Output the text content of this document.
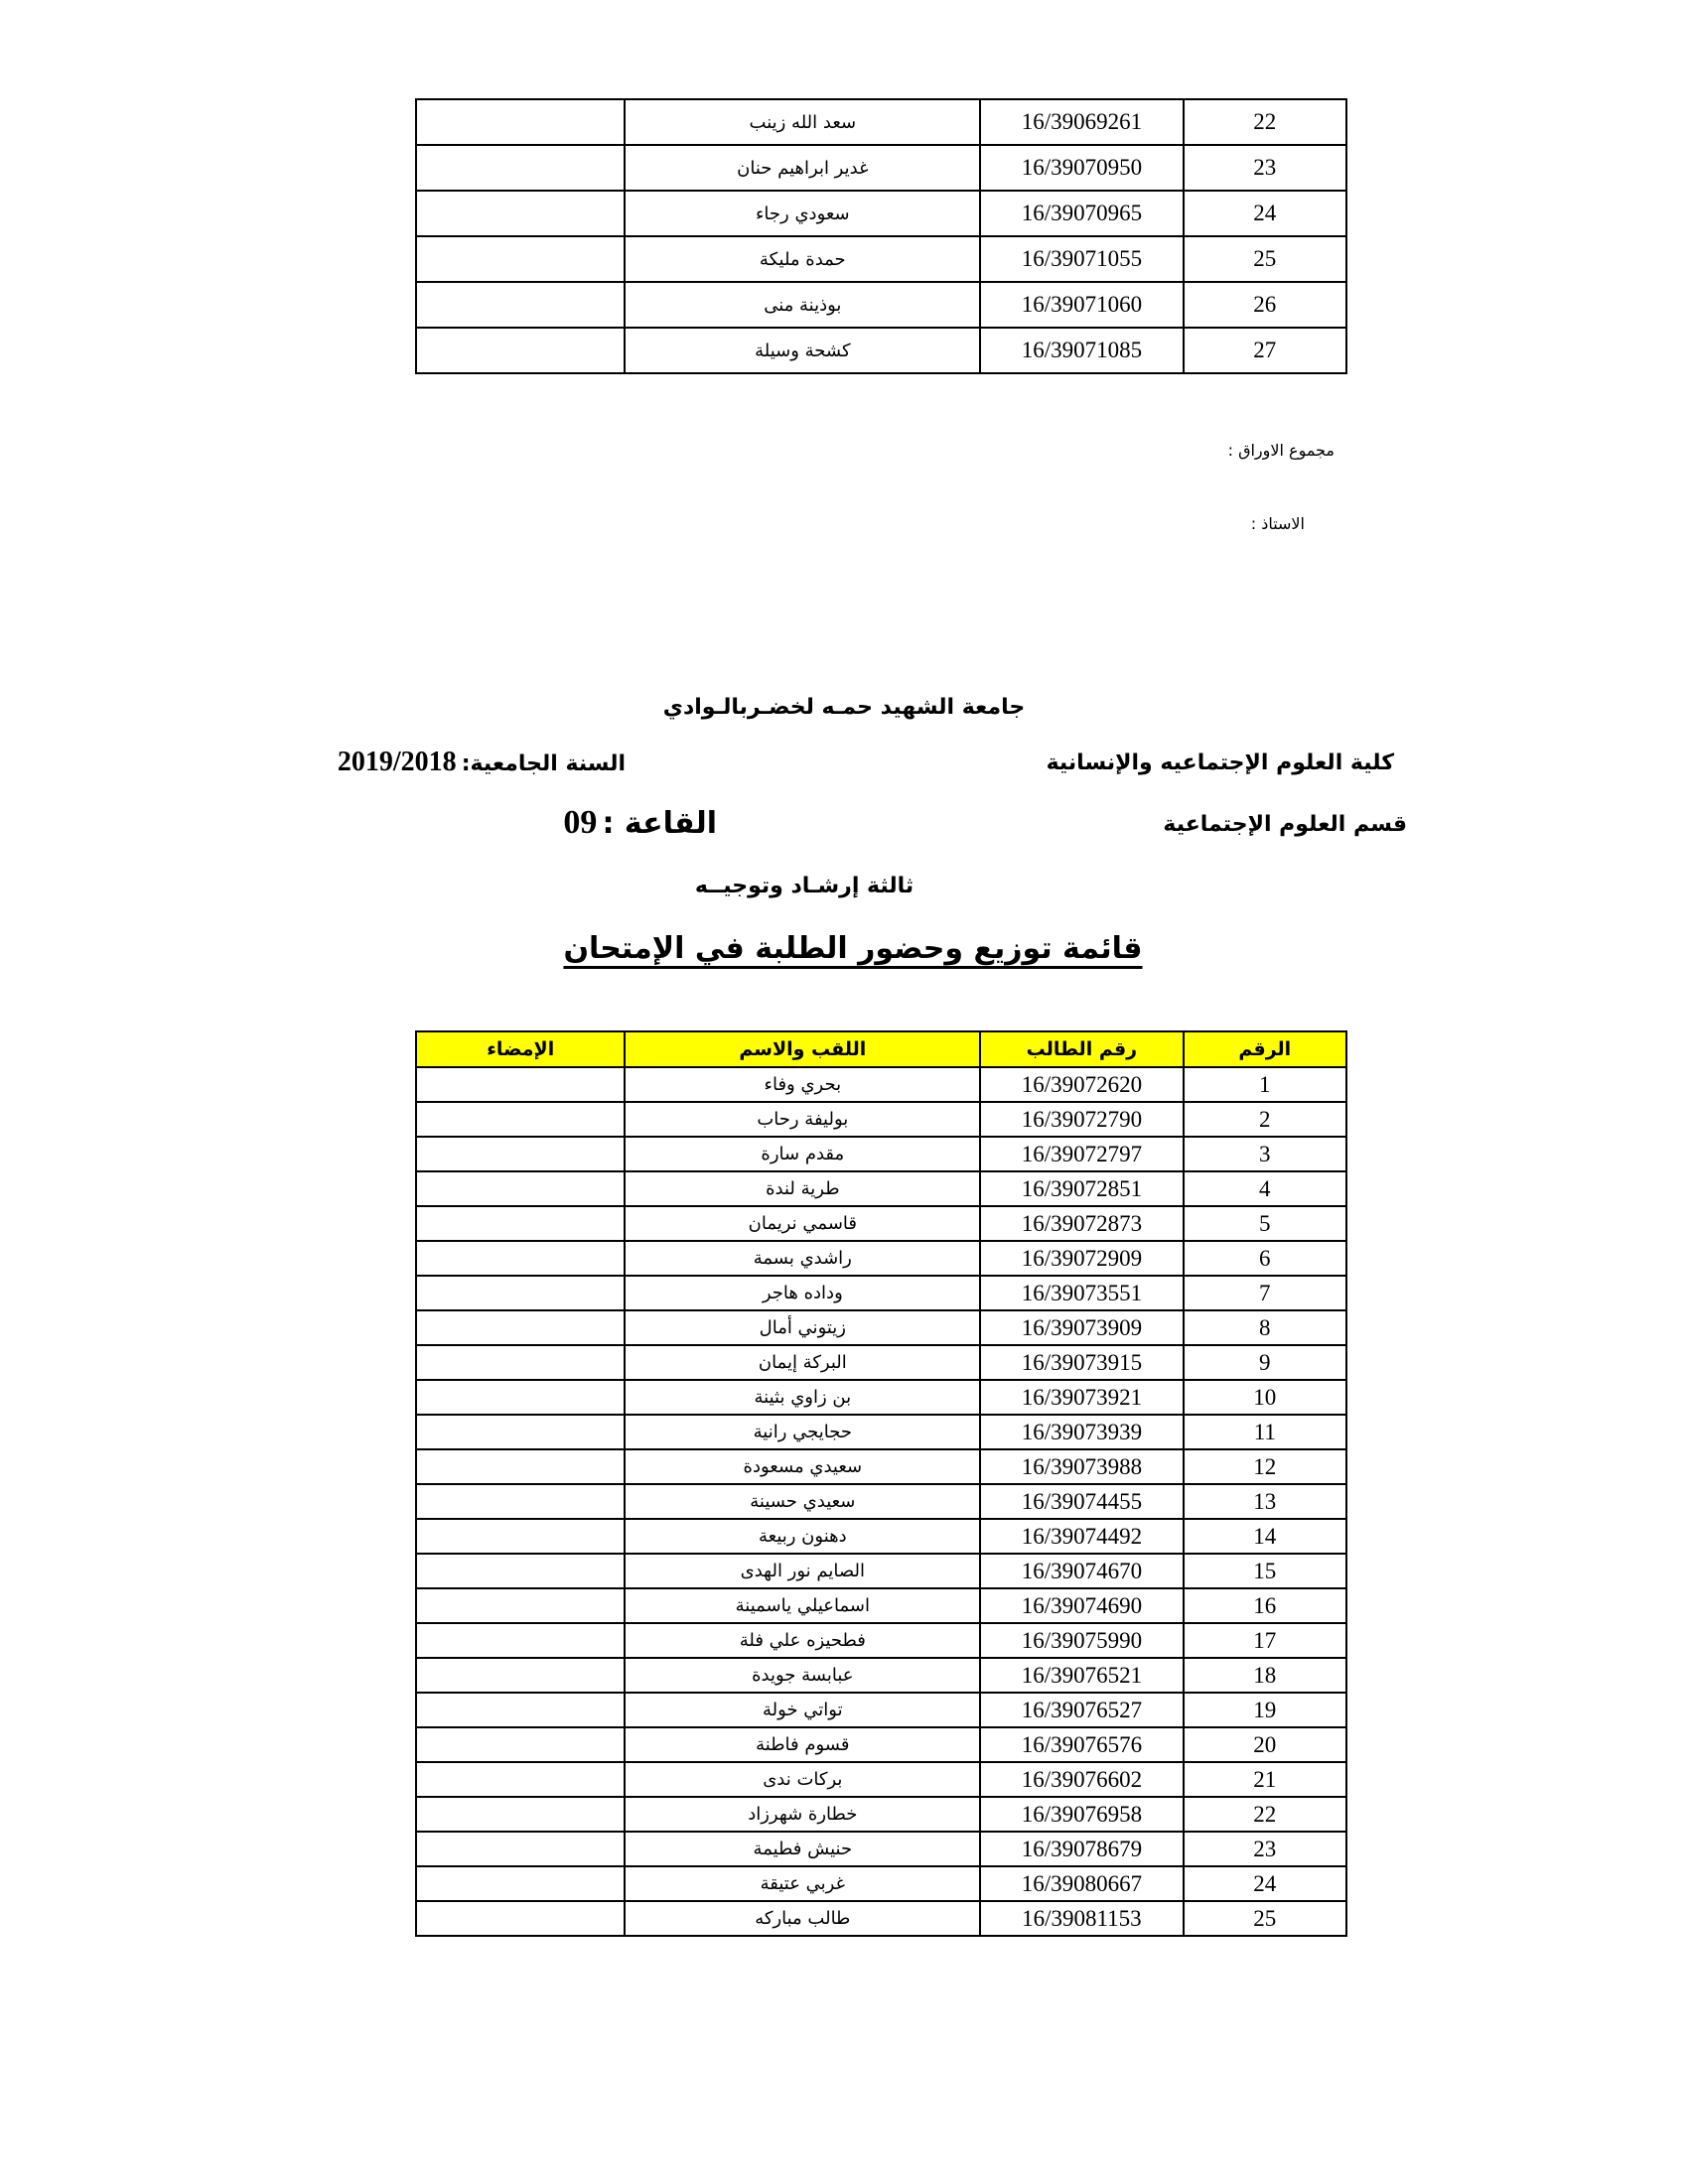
	سعد الله زينب	16/39069261	22
	غدير ابراهيم حنان	16/39070950	23
	سعودي رجاء	16/39070965	24
	حمدة مليكة	16/39071055	25
	بوذينة منى	16/39071060	26
	كشحة وسيلة	16/39071085	27
مجموع الاوراق :
الاستاذ :
جامعة الشهيد حمـه لخضـربالـوادي
كلية العلوم الإجتماعيه والإنسانية
السنة الجامعية: 2019/2018
قسم العلوم الإجتماعية
القاعة : 09
ثالثة إرشـاد وتوجيــه
قائمة توزيع وحضور الطلبة في الإمتحان
الإمضاء	اللقب والاسم	رقم الطالب	الرقم
	بحري وفاء	16/39072620	1
	بوليفة رحاب	16/39072790	2
	مقدم سارة	16/39072797	3
	طرية لندة	16/39072851	4
	قاسمي نريمان	16/39072873	5
	راشدي بسمة	16/39072909	6
	وداده هاجر	16/39073551	7
	زيتوني أمال	16/39073909	8
	البركة إيمان	16/39073915	9
	بن زاوي بثينة	16/39073921	10
	حجايجي رانية	16/39073939	11
	سعيدي مسعودة	16/39073988	12
	سعيدي حسينة	16/39074455	13
	دهنون ربيعة	16/39074492	14
	الصايم نور الهدى	16/39074670	15
	اسماعيلي ياسمينة	16/39074690	16
	فطحيزه علي فلة	16/39075990	17
	عبابسة جويدة	16/39076521	18
	تواتي خولة	16/39076527	19
	قسوم فاطنة	16/39076576	20
	بركات ندى	16/39076602	21
	خطارة شهرزاد	16/39076958	22
	حنيش فطيمة	16/39078679	23
	غربي عتيقة	16/39080667	24
	طالب مباركه	16/39081153	25
